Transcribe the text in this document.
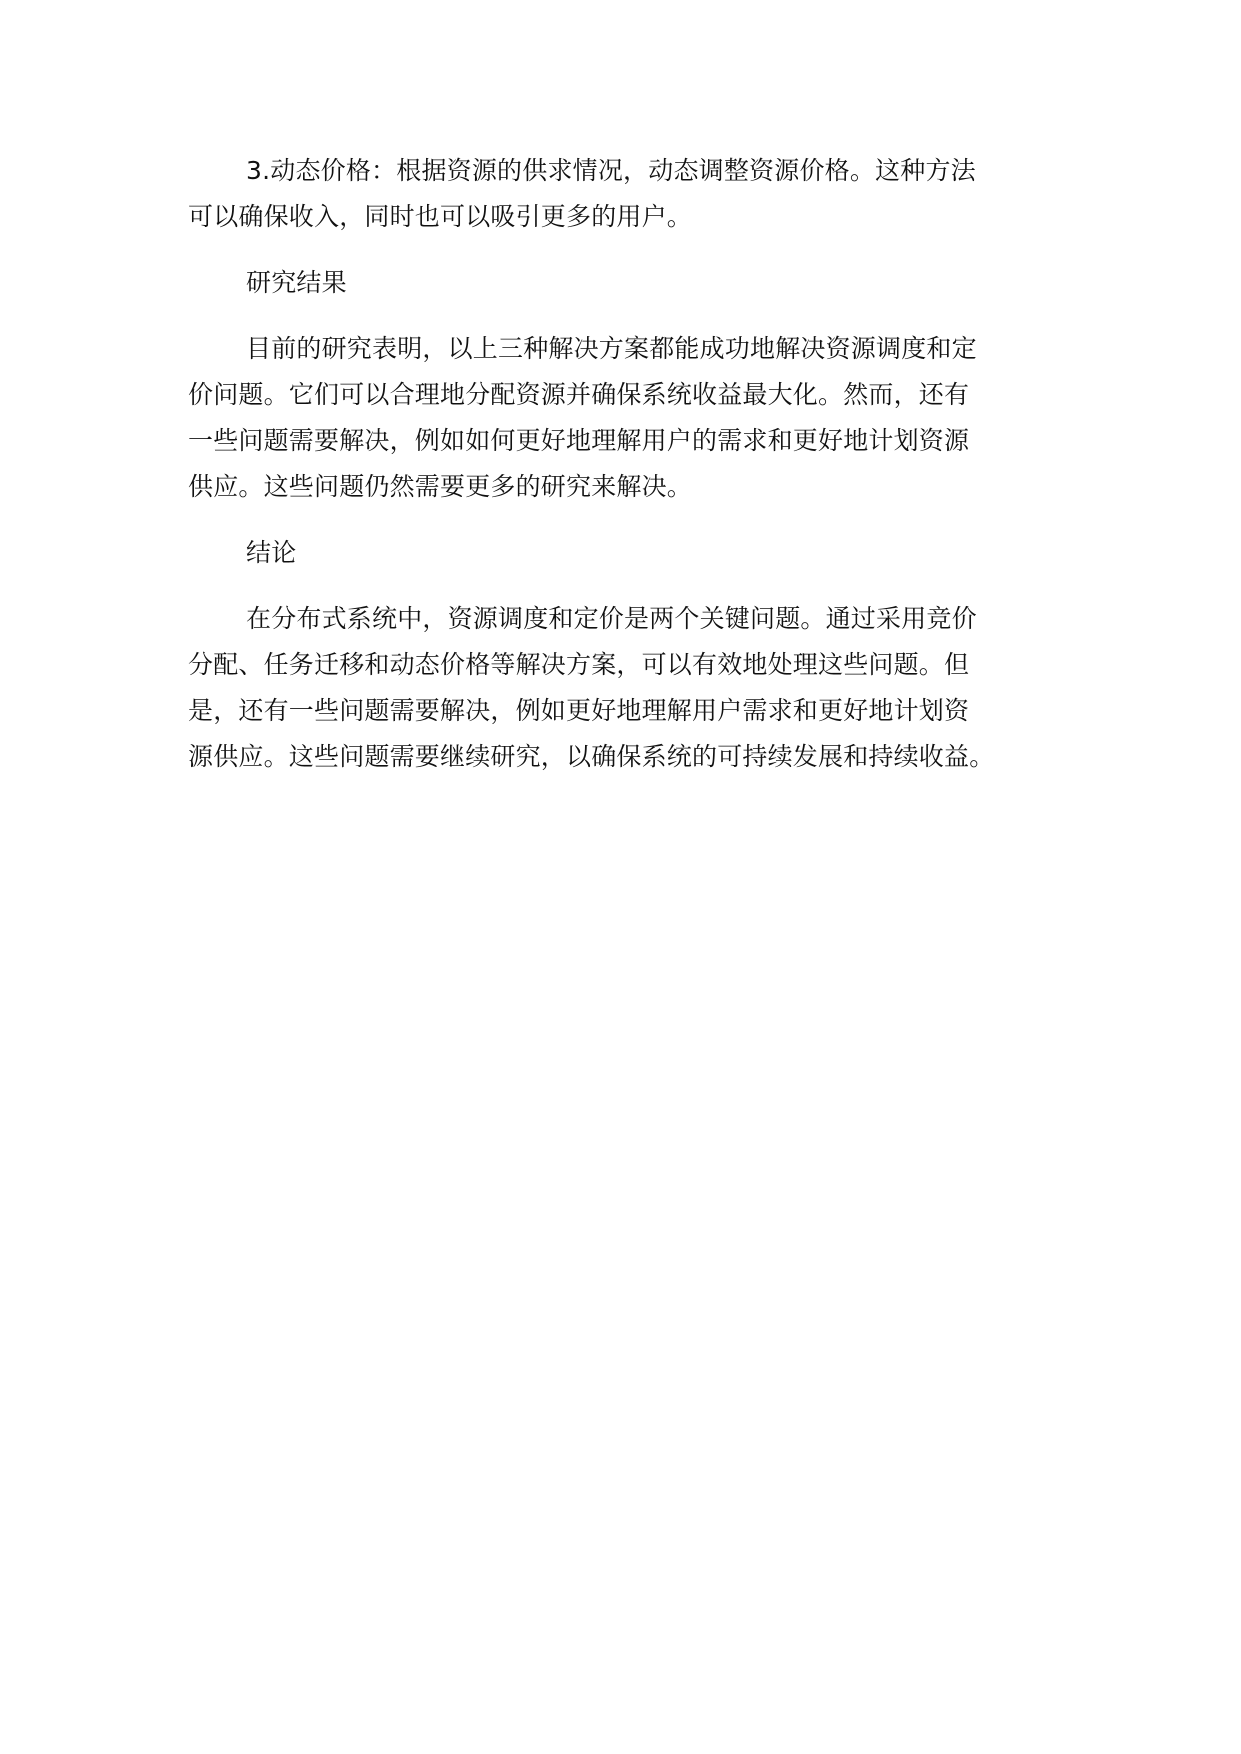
3.动态价格：根据资源的供求情况，动态调整资源价格。这种方法
可以确保收入，同时也可以吸引更多的用户。

研究结果

目前的研究表明，以上三种解决方案都能成功地解决资源调度和定
价问题。它们可以合理地分配资源并确保系统收益最大化。然而，还有
一些问题需要解决，例如如何更好地理解用户的需求和更好地计划资源
供应。这些问题仍然需要更多的研究来解决。

结论

在分布式系统中，资源调度和定价是两个关键问题。通过采用竞价
分配、任务迁移和动态价格等解决方案，可以有效地处理这些问题。但
是，还有一些问题需要解决，例如更好地理解用户需求和更好地计划资
源供应。这些问题需要继续研究，以确保系统的可持续发展和持续收益。
